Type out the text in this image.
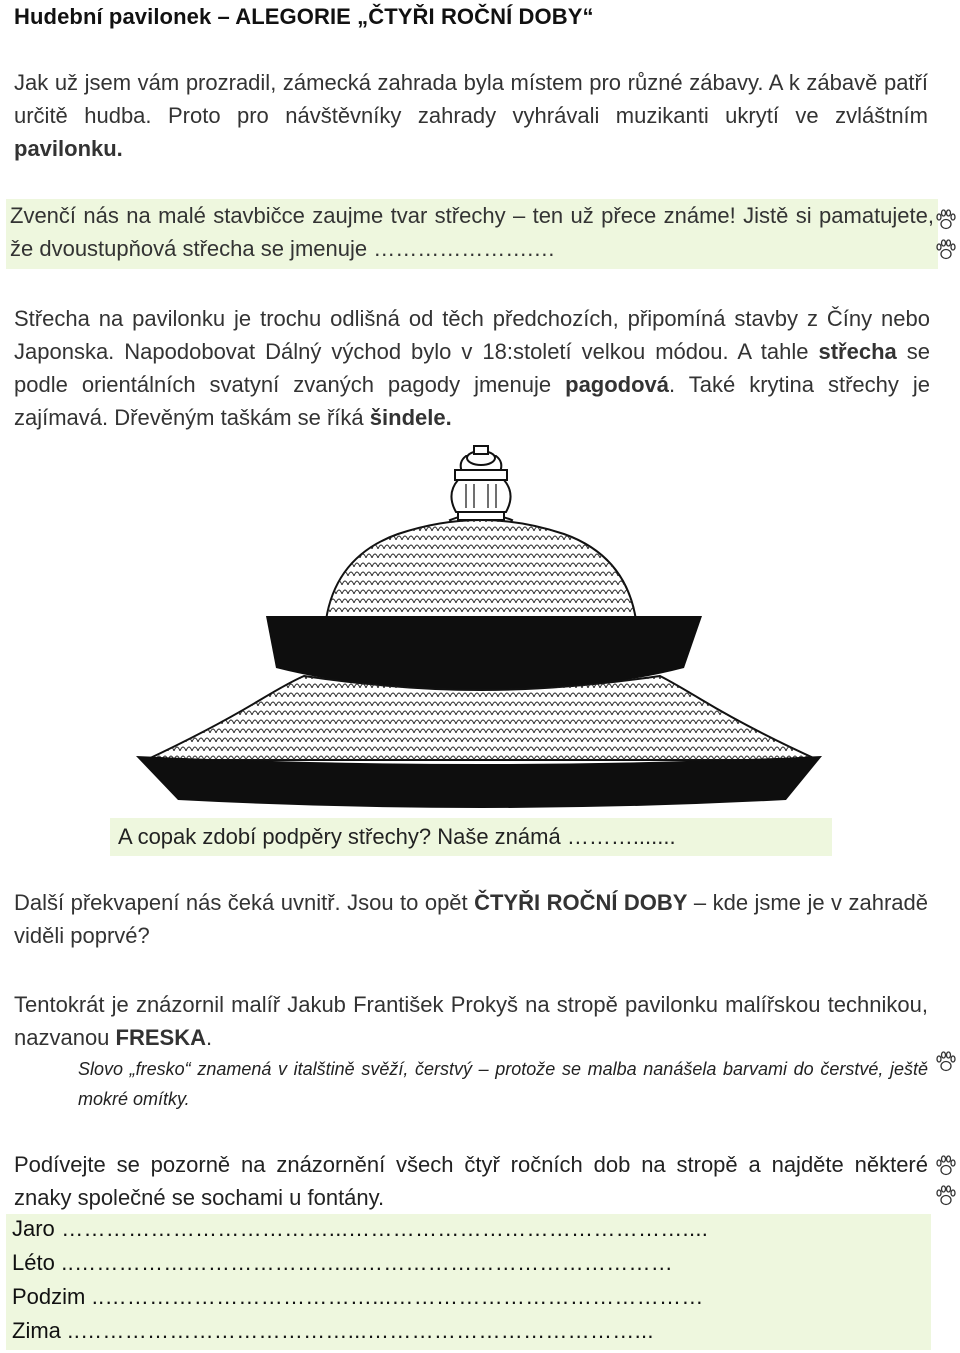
Hudební pavilonek – ALEGORIE „ČTYŘI ROČNÍ DOBY“
Jak už jsem vám prozradil, zámecká zahrada byla místem pro různé zábavy. A k zábavě patří určitě hudba. Proto pro návštěvníky zahrady vyhrávali muzikanti ukrytí ve zvláštním pavilonku.
Zvenčí nás na malé stavbičce zaujme tvar střechy – ten už přece známe! Jistě si pamatujete, že dvoustupňová střecha se jmenuje ………………….…
Střecha na pavilonku je trochu odlišná od těch předchozích, připomíná stavby z Číny nebo Japonska. Napodobovat Dálný východ bylo v 18:století velkou módou. A tahle střecha se podle orientálních svatyní zvaných pagody jmenuje pagodová. Také krytina střechy je zajímavá. Dřevěným taškám se říká šindele.
A copak zdobí podpěry střechy? Naše známá ……….......
Další překvapení nás čeká uvnitř. Jsou to opět ČTYŘI ROČNÍ DOBY – kde jsme je v zahradě viděli poprvé?
Tentokrát je znázornil malíř Jakub František Prokyš na stropě pavilonku malířskou technikou, nazvanou FRESKA.
Slovo „fresko“ znamená v italštině svěží, čerstvý – protože se malba nanášela barvami do čerstvé, ještě mokré omítky.
Podívejte se pozorně na znázornění všech čtyř ročních dob na stropě a najděte některé znaky společné se sochami u fontány.
Jaro ………………………………...………………………………………....
Léto ..………………………………...……………………………………
Podzim ..………………………………...……………………………………
Zima ..………………………………...………………………………...
